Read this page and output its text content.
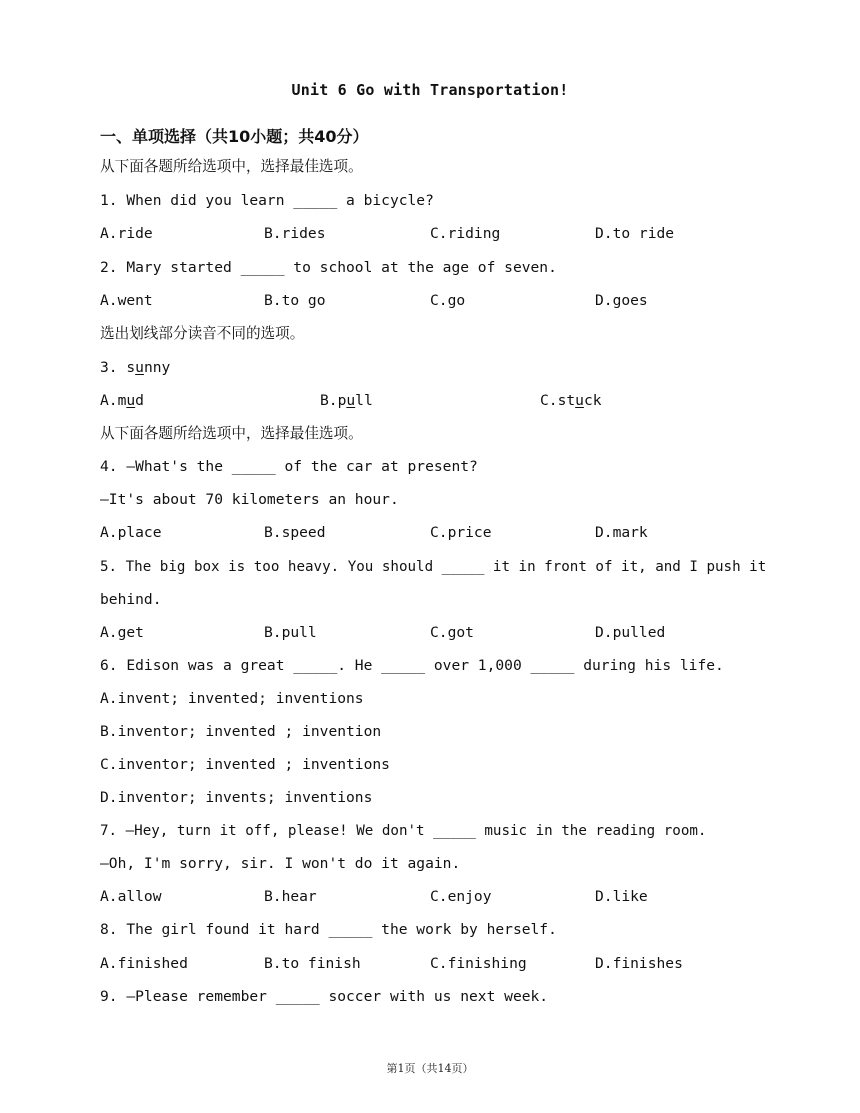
Unit 6 Go with Transportation!
一、单项选择（共10小题；共40分）
从下面各题所给选项中，选择最佳选项。
1. When did you learn _____ a bicycle?
A.ride	B.rides	C.riding	D.to ride
2. Mary started _____ to school at the age of seven.
A.went	B.to go	C.go	D.goes
选出划线部分读音不同的选项。
3. sunny
A.mud	B.pull	C.stuck
从下面各题所给选项中，选择最佳选项。
4. —What's the _____ of the car at present?
—It's about 70 kilometers an hour.
A.place	B.speed	C.price	D.mark
5. The big box is too heavy. You should _____ it in front of it, and I push it
behind.
A.get	B.pull	C.got	D.pulled
6. Edison was a great _____. He _____ over 1,000 _____ during his life.
A.invent; invented; inventions
B.inventor; invented ; invention
C.inventor; invented ; inventions
D.inventor; invents; inventions
7. —Hey, turn it off, please! We don't _____ music in the reading room.
—Oh, I'm sorry, sir. I won't do it again.
A.allow	B.hear	C.enjoy	D.like
8. The girl found it hard _____ the work by herself.
A.finished	B.to finish	C.finishing	D.finishes
9. —Please remember _____ soccer with us next week.
第1页（共14页）
